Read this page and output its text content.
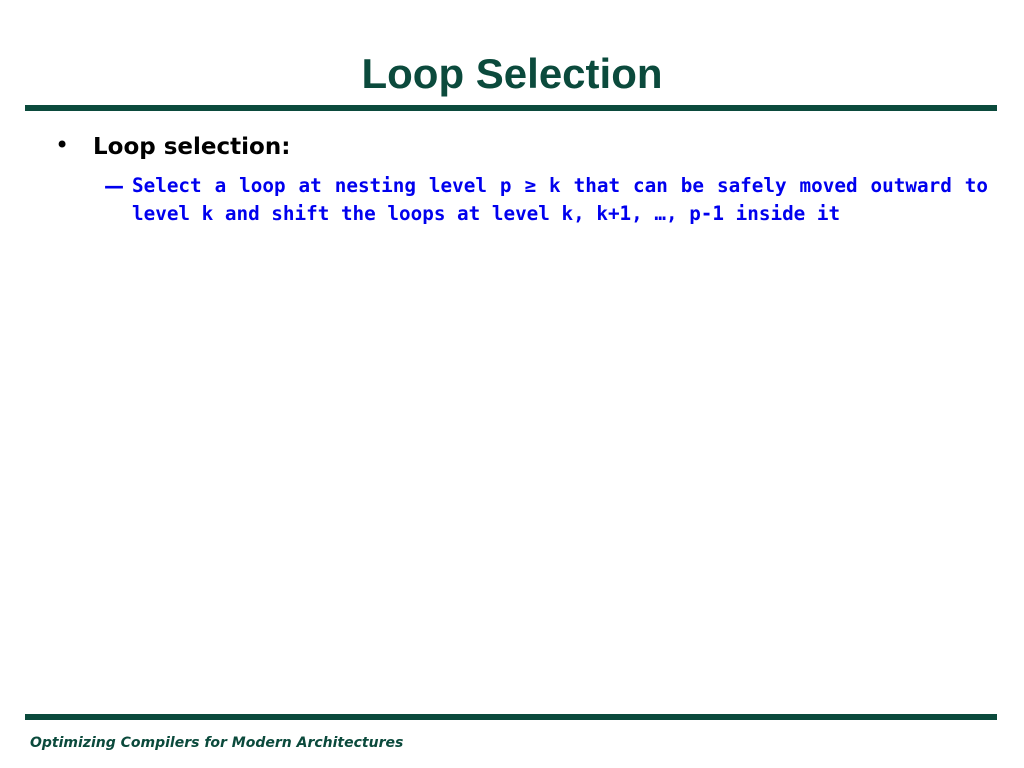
Loop Selection
•	Loop selection:
— Select a loop at nesting level p ≥ k that can be safely moved outward to level k and shift the loops at level k, k+1, …, p-1 inside it
Optimizing Compilers for Modern Architectures
